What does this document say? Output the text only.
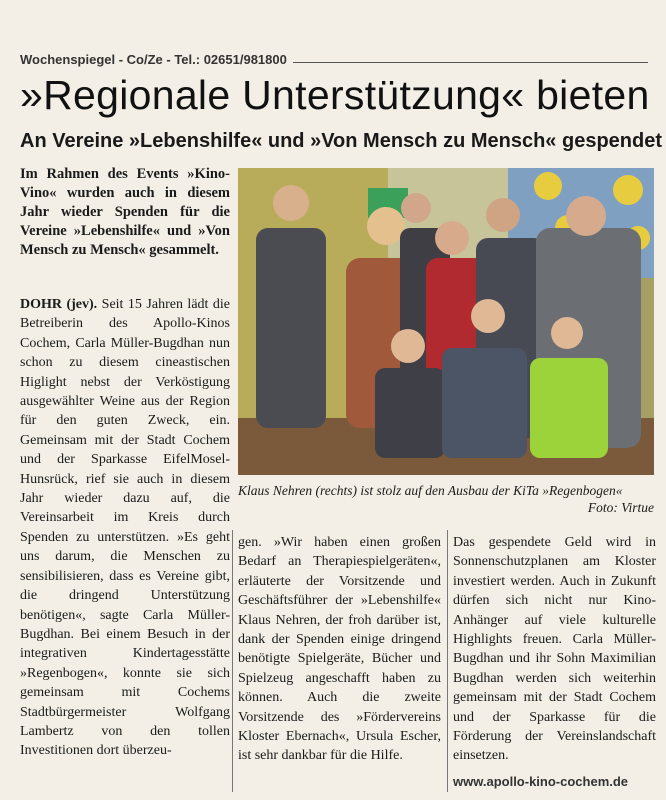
Wochenspiegel - Co/Ze - Tel.: 02651/981800
»Regionale Unterstützung« bieten
An Vereine »Lebenshilfe« und »Von Mensch zu Mensch« gespendet

Im Rahmen des Events »Kino-Vino« wurden auch in diesem Jahr wieder Spenden für die Vereine »Lebenshilfe« und »Von Mensch zu Mensch« gesammelt.

DOHR (jev). Seit 15 Jahren lädt die Betreiberin des Apollo-Kinos Cochem, Carla Müller-Bugdhan nun schon zu diesem cineastischen Higlight nebst der Verköstigung ausgewählter Weine aus der Region für den guten Zweck, ein. Gemeinsam mit der Stadt Cochem und der Sparkasse EifelMosel-Hunsrück, rief sie auch in diesem Jahr wieder dazu auf, die Vereinsarbeit im Kreis durch Spenden zu unterstützen. »Es geht uns darum, die Menschen zu sensibilisieren, dass es Vereine gibt, die dringend Unterstützung benötigen«, sagte Carla Müller-Bugdhan. Bei einem Besuch in der integrativen Kindertagesstätte »Regenbogen«, konnte sie sich gemeinsam mit Cochems Stadtbürgermeister Wolfgang Lambertz von den tollen Investitionen dort überzeu-

Klaus Nehren (rechts) ist stolz auf den Ausbau der KiTa »Regenbogen«

Foto: Virtue

gen. »Wir haben einen großen Bedarf an Therapiespielgeräten«, erläuterte der Vorsitzende und Geschäftsführer der »Lebenshilfe« Klaus Nehren, der froh darüber ist, dank der Spenden einige dringend benötigte Spielgeräte, Bücher und Spielzeug angeschafft haben zu können. Auch die zweite Vorsitzende des »Fördervereins Kloster Ebernach«, Ursula Escher, ist sehr dankbar für die Hilfe.

Das gespendete Geld wird in Sonnenschutzplanen am Kloster investiert werden. Auch in Zukunft dürfen sich nicht nur Kino-Anhänger auf viele kulturelle Highlights freuen. Carla Müller-Bugdhan und ihr Sohn Maximilian Bugdhan werden sich weiterhin gemeinsam mit der Stadt Cochem und der Sparkasse für die Förderung der Vereinslandschaft einsetzen.

www.apollo-kino-cochem.de
